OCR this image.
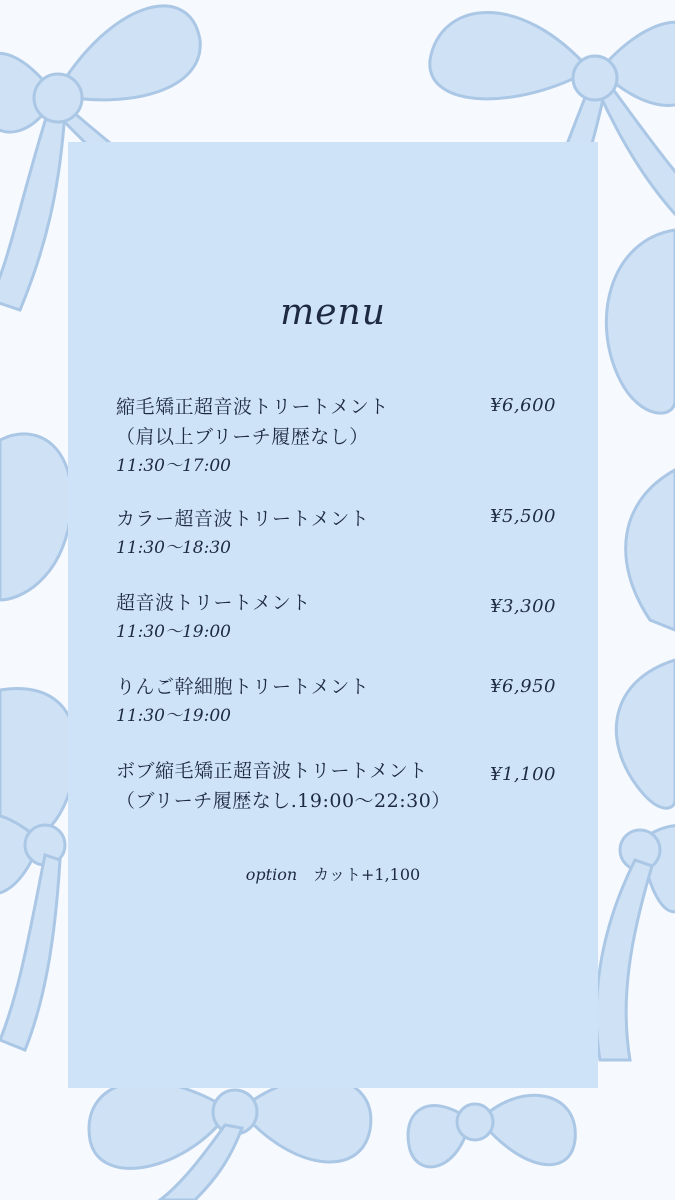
menu
縮毛矯正超音波トリートメント
（肩以上ブリーチ履歴なし）
11:30〜17:00
¥6,600
カラー超音波トリートメント
11:30〜18:30
¥5,500
超音波トリートメント
11:30〜19:00
¥3,300
りんご幹細胞トリートメント
11:30〜19:00
¥6,950
ボブ縮毛矯正超音波トリートメント
（ブリーチ履歴なし.19:00〜22:30）
¥1,100
option カット+1,100
